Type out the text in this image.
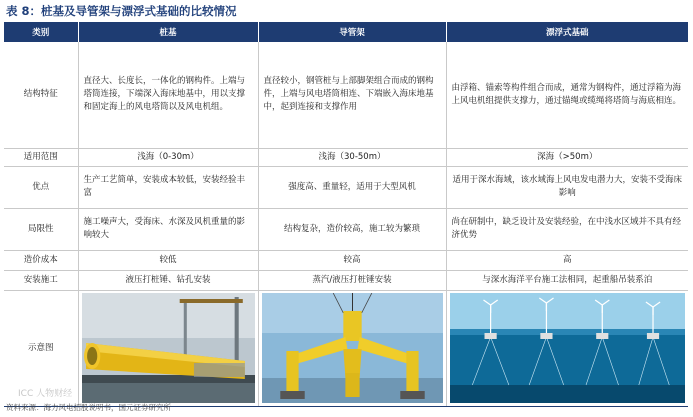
表 8：桩基及导管架与漂浮式基础的比较情况
类别	桩基	导管架	漂浮式基础
结构特征	直径大、长度长，一体化的钢构件。上端与塔筒连接，下端深入海床地基中，用以支撑和固定海上的风电塔筒以及风电机组。	直径较小，钢管桩与上部脚架组合而成的钢构件，上端与风电塔筒相连、下端嵌入海床地基中，起到连接和支撑作用	由浮箱、锚索等构件组合而成，通常为钢构件，通过浮箱为海上风电机组提供支撑力，通过锚绳或缆绳将塔筒与海底相连。
适用范围	浅海（0-30m）	浅海（30-50m）	深海（>50m）
优点	生产工艺简单，安装成本较低，安装经验丰富	强度高、重量轻，适用于大型风机	适用于深水海域，该水域海上风电发电潜力大，安装不受海床影响
局限性	施工噪声大，受海床、水深及风机重量的影响较大	结构复杂，造价较高，施工较为繁琐	尚在研制中，缺乏设计及安装经验，在中浅水区域并不具有经济优势
造价成本	较低	较高	高
安装施工	液压打桩锤、钻孔安装	蒸汽/液压打桩锤安装	与深水海洋平台施工法相同，起重船吊装系泊
示意图	

ICC 人物财经
资料来源：海力风电招股说明书，国元证券研究所
